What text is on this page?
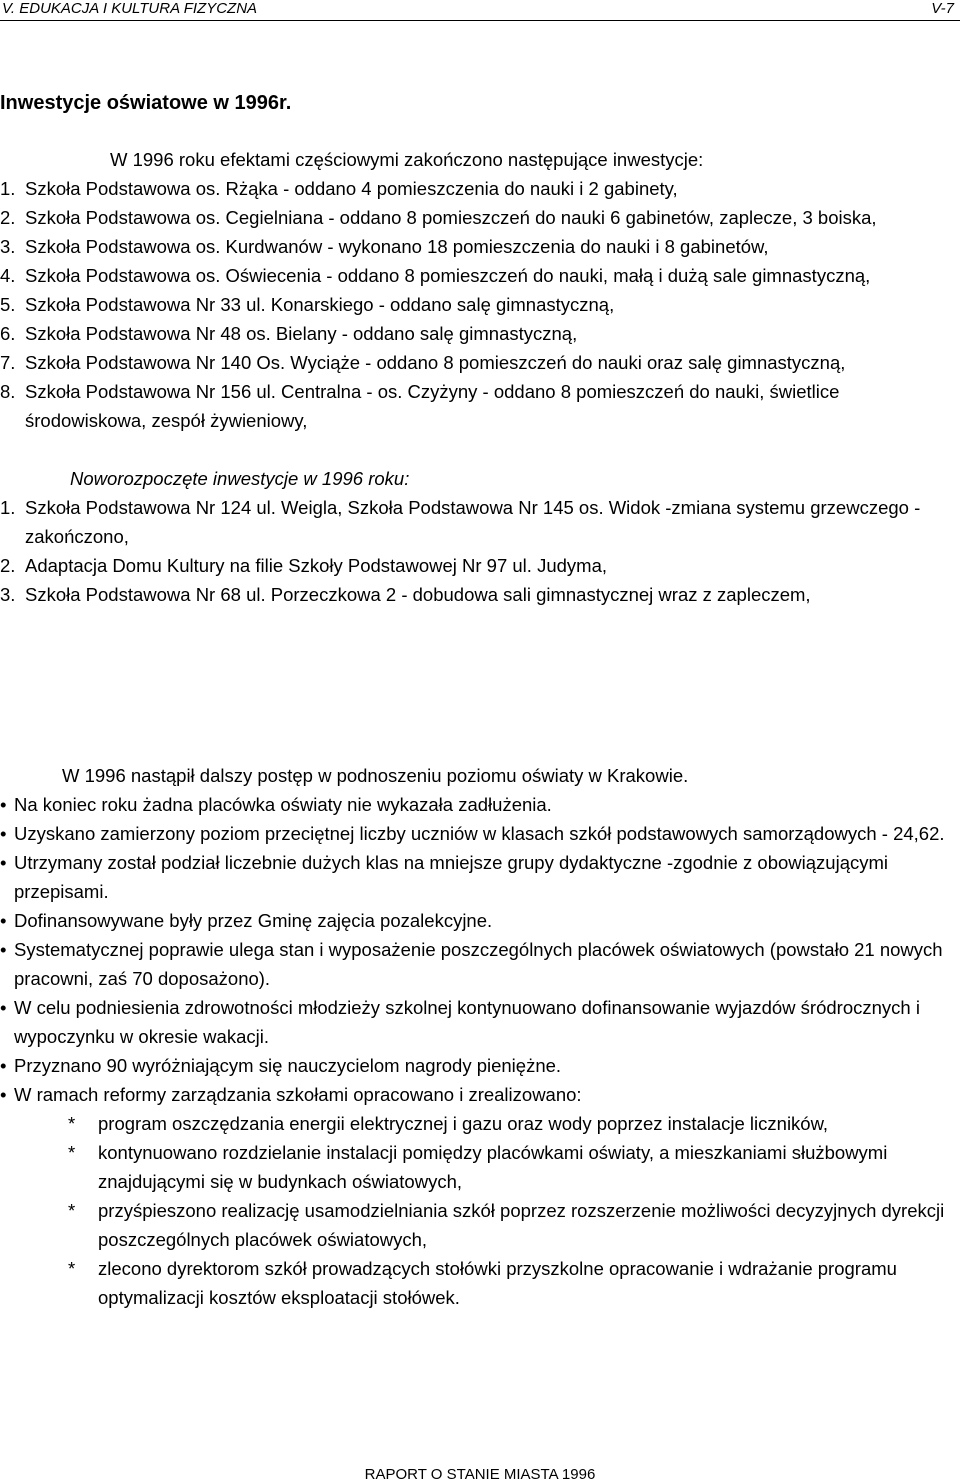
V. EDUKACJA I KULTURA FIZYCZNA	V-7
Inwestycje oświatowe w 1996r.
W 1996 roku efektami częściowymi zakończono następujące inwestycje:
1. Szkoła Podstawowa os. Rżąka - oddano 4 pomieszczenia do nauki i 2 gabinety,
2. Szkoła Podstawowa os. Cegielniana - oddano 8 pomieszczeń do nauki 6 gabinetów, zaplecze, 3 boiska,
3. Szkoła Podstawowa os. Kurdwanów - wykonano 18 pomieszczenia do nauki i 8 gabinetów,
4. Szkoła Podstawowa os. Oświecenia - oddano 8 pomieszczeń do nauki, małą i dużą sale gimnastyczną,
5. Szkoła Podstawowa Nr 33 ul. Konarskiego - oddano salę gimnastyczną,
6. Szkoła Podstawowa Nr 48 os. Bielany - oddano salę gimnastyczną,
7. Szkoła Podstawowa Nr 140 Os. Wyciąże - oddano 8 pomieszczeń do nauki oraz salę gimnastyczną,
8. Szkoła Podstawowa Nr 156 ul. Centralna - os. Czyżyny - oddano 8 pomieszczeń do nauki, świetlice środowiskowa, zespół żywieniowy,
Noworozpoczęte inwestycje w 1996 roku:
1. Szkoła Podstawowa Nr 124 ul. Weigla, Szkoła Podstawowa Nr 145 os. Widok -zmiana systemu grzewczego - zakończono,
2. Adaptacja Domu Kultury na filie Szkoły Podstawowej Nr 97 ul. Judyma,
3. Szkoła Podstawowa Nr 68 ul. Porzeczkowa 2 - dobudowa sali gimnastycznej wraz z zapleczem,
W 1996 nastąpił dalszy postęp w podnoszeniu poziomu oświaty w Krakowie.
• Na koniec roku żadna placówka oświaty nie wykazała zadłużenia.
• Uzyskano zamierzony poziom przeciętnej liczby uczniów w klasach szkół podstawowych samorządowych - 24,62.
• Utrzymany został podział liczebnie dużych klas na mniejsze grupy dydaktyczne -zgodnie z obowiązującymi przepisami.
• Dofinansowywane były przez Gminę zajęcia pozalekcyjne.
• Systematycznej poprawie ulega stan i wyposażenie poszczególnych placówek oświatowych (powstało 21 nowych pracowni, zaś 70 doposażono).
• W celu podniesienia zdrowotności młodzieży szkolnej kontynuowano dofinansowanie wyjazdów śródrocznych i wypoczynku w okresie wakacji.
• Przyznano 90 wyróżniającym się nauczycielom nagrody pieniężne.
• W ramach reformy zarządzania szkołami opracowano i zrealizowano:
*	program oszczędzania energii elektrycznej i gazu oraz wody poprzez instalacje liczników,
*	kontynuowano rozdzielanie instalacji pomiędzy placówkami oświaty, a mieszkaniami służbowymi znajdującymi się w budynkach oświatowych,
*	przyśpieszono realizację usamodzielniania szkół poprzez rozszerzenie możliwości decyzyjnych dyrekcji poszczególnych placówek oświatowych,
*	zlecono dyrektorom szkół prowadzących stołówki przyszkolne opracowanie i wdrażanie programu optymalizacji kosztów eksploatacji stołówek.
RAPORT O STANIE MIASTA 1996
